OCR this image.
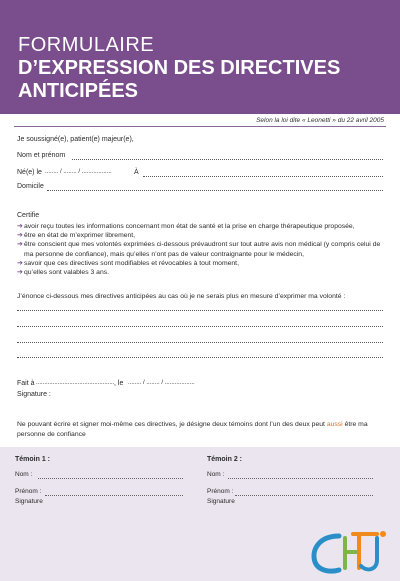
FORMULAIRE
D’EXPRESSION DES DIRECTIVES ANTICIPÉES
Selon la loi dite « Leonetti » du 22 avril 2005
Je soussigné(e), patient(e) majeur(e),
Nom et prénom
Né(e) le ........ / ........ / ..................	À
Domicile
Certifie
➔ avoir reçu toutes les informations concernant mon état de santé et la prise en charge thérapeutique proposée,
➔ être en état de m’exprimer librement,
➔ être conscient que mes volontés exprimées ci-dessous prévaudront sur tout autre avis non médical (y compris celui de ma personne de confiance), mais qu’elles n’ont pas de valeur contraignante pour le médecin,
➔ savoir que ces directives sont modifiables et révocables à tout moment,
➔ qu’elles sont valables 3 ans.
J’énonce ci-dessous mes directives anticipées au cas où je ne serais plus en mesure d’exprimer ma volonté :
Fait à ............................................... , le ........ / ........ / ..................
Signature :
Ne pouvant écrire et signer moi-même ces directives, je désigne deux témoins dont l’un des deux peut aussi être ma personne de confiance
Témoin 1 :
Nom :
Prénom :
Signature
Témoin 2 :
Nom :
Prénom :
Signature
